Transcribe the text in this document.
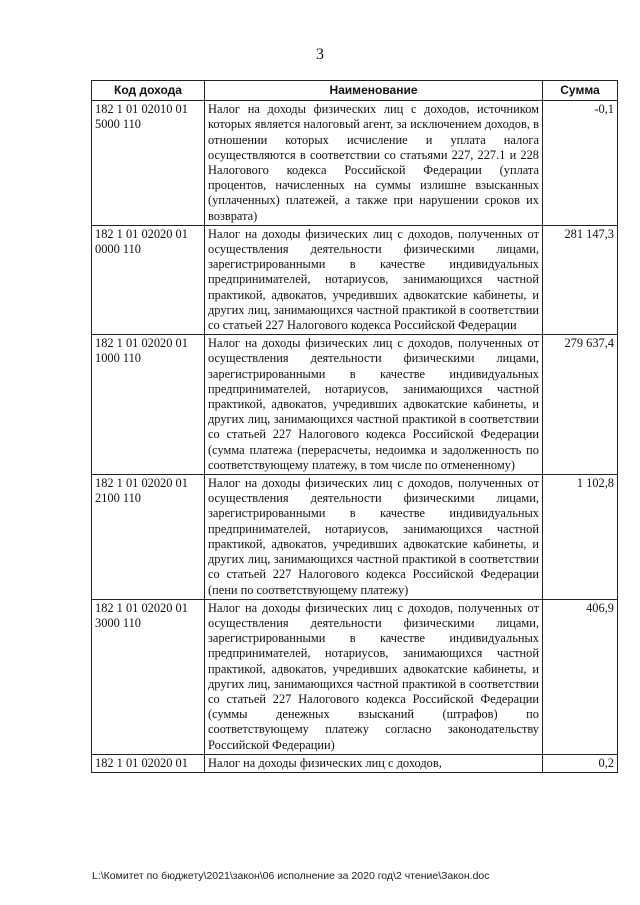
3
Код дохода	Наименование	Сумма
182 1 01 02010 01 5000 110	Налог на доходы физических лиц с доходов, источником которых является налоговый агент, за исключением доходов, в отношении которых исчисление и уплата налога осуществляются в соответствии со статьями 227, 227.1 и 228 Налогового кодекса Российской Федерации (уплата процентов, начисленных на суммы излишне взысканных (уплаченных) платежей, а также при нарушении сроков их возврата)	-0,1
182 1 01 02020 01 0000 110	Налог на доходы физических лиц с доходов, полученных от осуществления деятельности физическими лицами, зарегистрированными в качестве индивидуальных предпринимателей, нотариусов, занимающихся частной практикой, адвокатов, учредивших адвокатские кабинеты, и других лиц, занимающихся частной практикой в соответствии со статьей 227 Налогового кодекса Российской Федерации	281 147,3
182 1 01 02020 01 1000 110	Налог на доходы физических лиц с доходов, полученных от осуществления деятельности физическими лицами, зарегистрированными в качестве индивидуальных предпринимателей, нотариусов, занимающихся частной практикой, адвокатов, учредивших адвокатские кабинеты, и других лиц, занимающихся частной практикой в соответствии со статьей 227 Налогового кодекса Российской Федерации (сумма платежа (перерасчеты, недоимка и задолженность по соответствующему платежу, в том числе по отмененному)	279 637,4
182 1 01 02020 01 2100 110	Налог на доходы физических лиц с доходов, полученных от осуществления деятельности физическими лицами, зарегистрированными в качестве индивидуальных предпринимателей, нотариусов, занимающихся частной практикой, адвокатов, учредивших адвокатские кабинеты, и других лиц, занимающихся частной практикой в соответствии со статьей 227 Налогового кодекса Российской Федерации (пени по соответствующему платежу)	1 102,8
182 1 01 02020 01 3000 110	Налог на доходы физических лиц с доходов, полученных от осуществления деятельности физическими лицами, зарегистрированными в качестве индивидуальных предпринимателей, нотариусов, занимающихся частной практикой, адвокатов, учредивших адвокатские кабинеты, и других лиц, занимающихся частной практикой в соответствии со статьей 227 Налогового кодекса Российской Федерации (суммы денежных взысканий (штрафов) по соответствующему платежу согласно законодательству Российской Федерации)	406,9
182 1 01 02020 01	Налог на доходы физических лиц с доходов,	0,2
L:\Комитет по бюджету\2021\закон\06 исполнение за 2020 год\2 чтение\Закон.doc
